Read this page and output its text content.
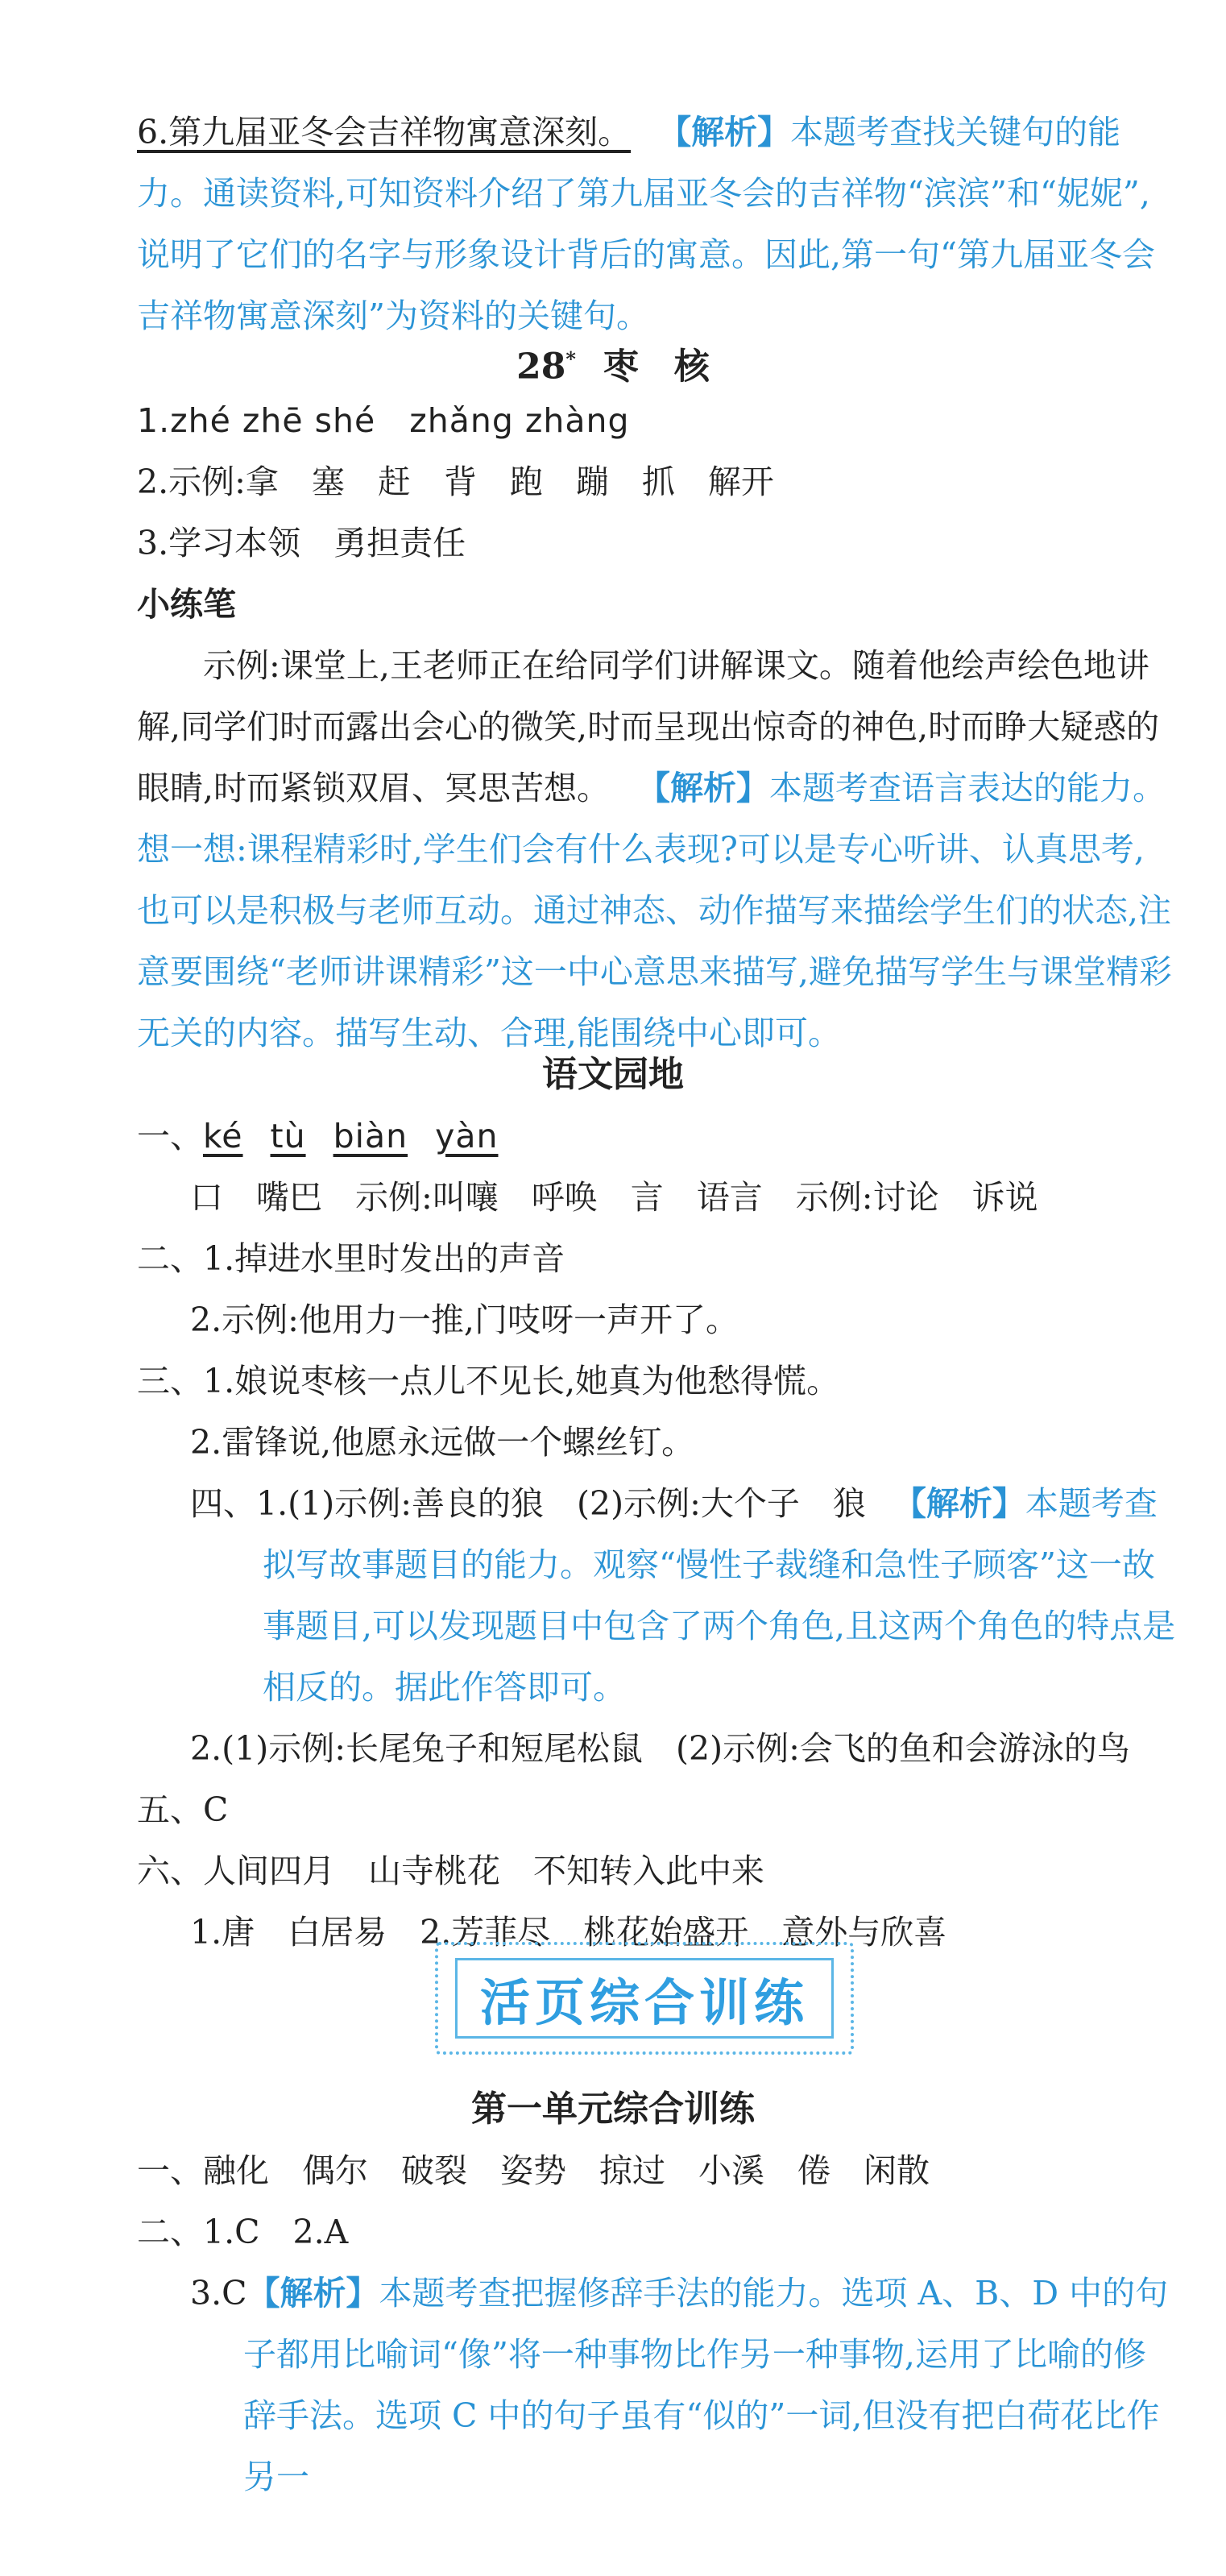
6.第九届亚冬会吉祥物寓意深刻。 【解析】本题考查找关键句的能力。通读资料,可知资料介绍了第九届亚冬会的吉祥物“滨滨”和“妮妮”,说明了它们的名字与形象设计背后的寓意。因此,第一句“第九届亚冬会吉祥物寓意深刻”为资料的关键句。
28* 枣　核
1.zhé zhē shé　zhǎng zhàng
2.示例:拿　塞　赶　背　跑　蹦　抓　解开
3.学习本领　勇担责任
小练笔
示例:课堂上,王老师正在给同学们讲解课文。随着他绘声绘色地讲解,同学们时而露出会心的微笑,时而呈现出惊奇的神色,时而睁大疑惑的眼睛,时而紧锁双眉、冥思苦想。 【解析】本题考查语言表达的能力。想一想:课程精彩时,学生们会有什么表现?可以是专心听讲、认真思考,也可以是积极与老师互动。通过神态、动作描写来描绘学生们的状态,注意要围绕“老师讲课精彩”这一中心意思来描写,避免描写学生与课堂精彩无关的内容。描写生动、合理,能围绕中心即可。
语文园地
一、ké tù biàn yàn
口　嘴巴　示例:叫嚷　呼唤　言　语言　示例:讨论　诉说
二、1.掉进水里时发出的声音
2.示例:他用力一推,门吱呀一声开了。
三、1.娘说枣核一点儿不见长,她真为他愁得慌。
2.雷锋说,他愿永远做一个螺丝钉。
四、1.(1)示例:善良的狼　(2)示例:大个子　狼 【解析】本题考查拟写故事题目的能力。观察“慢性子裁缝和急性子顾客”这一故事题目,可以发现题目中包含了两个角色,且这两个角色的特点是相反的。据此作答即可。
2.(1)示例:长尾兔子和短尾松鼠　(2)示例:会飞的鱼和会游泳的鸟
五、C
六、人间四月　山寺桃花　不知转入此中来
1.唐　白居易　2.芳菲尽　桃花始盛开　意外与欣喜
活页综合训练
第一单元综合训练
一、融化　偶尔　破裂　姿势　掠过　小溪　倦　闲散
二、1.C　2.A
3.C【解析】本题考查把握修辞手法的能力。选项 A、B、D 中的句子都用比喻词“像”将一种事物比作另一种事物,运用了比喻的修辞手法。选项 C 中的句子虽有“似的”一词,但没有把白荷花比作另一
